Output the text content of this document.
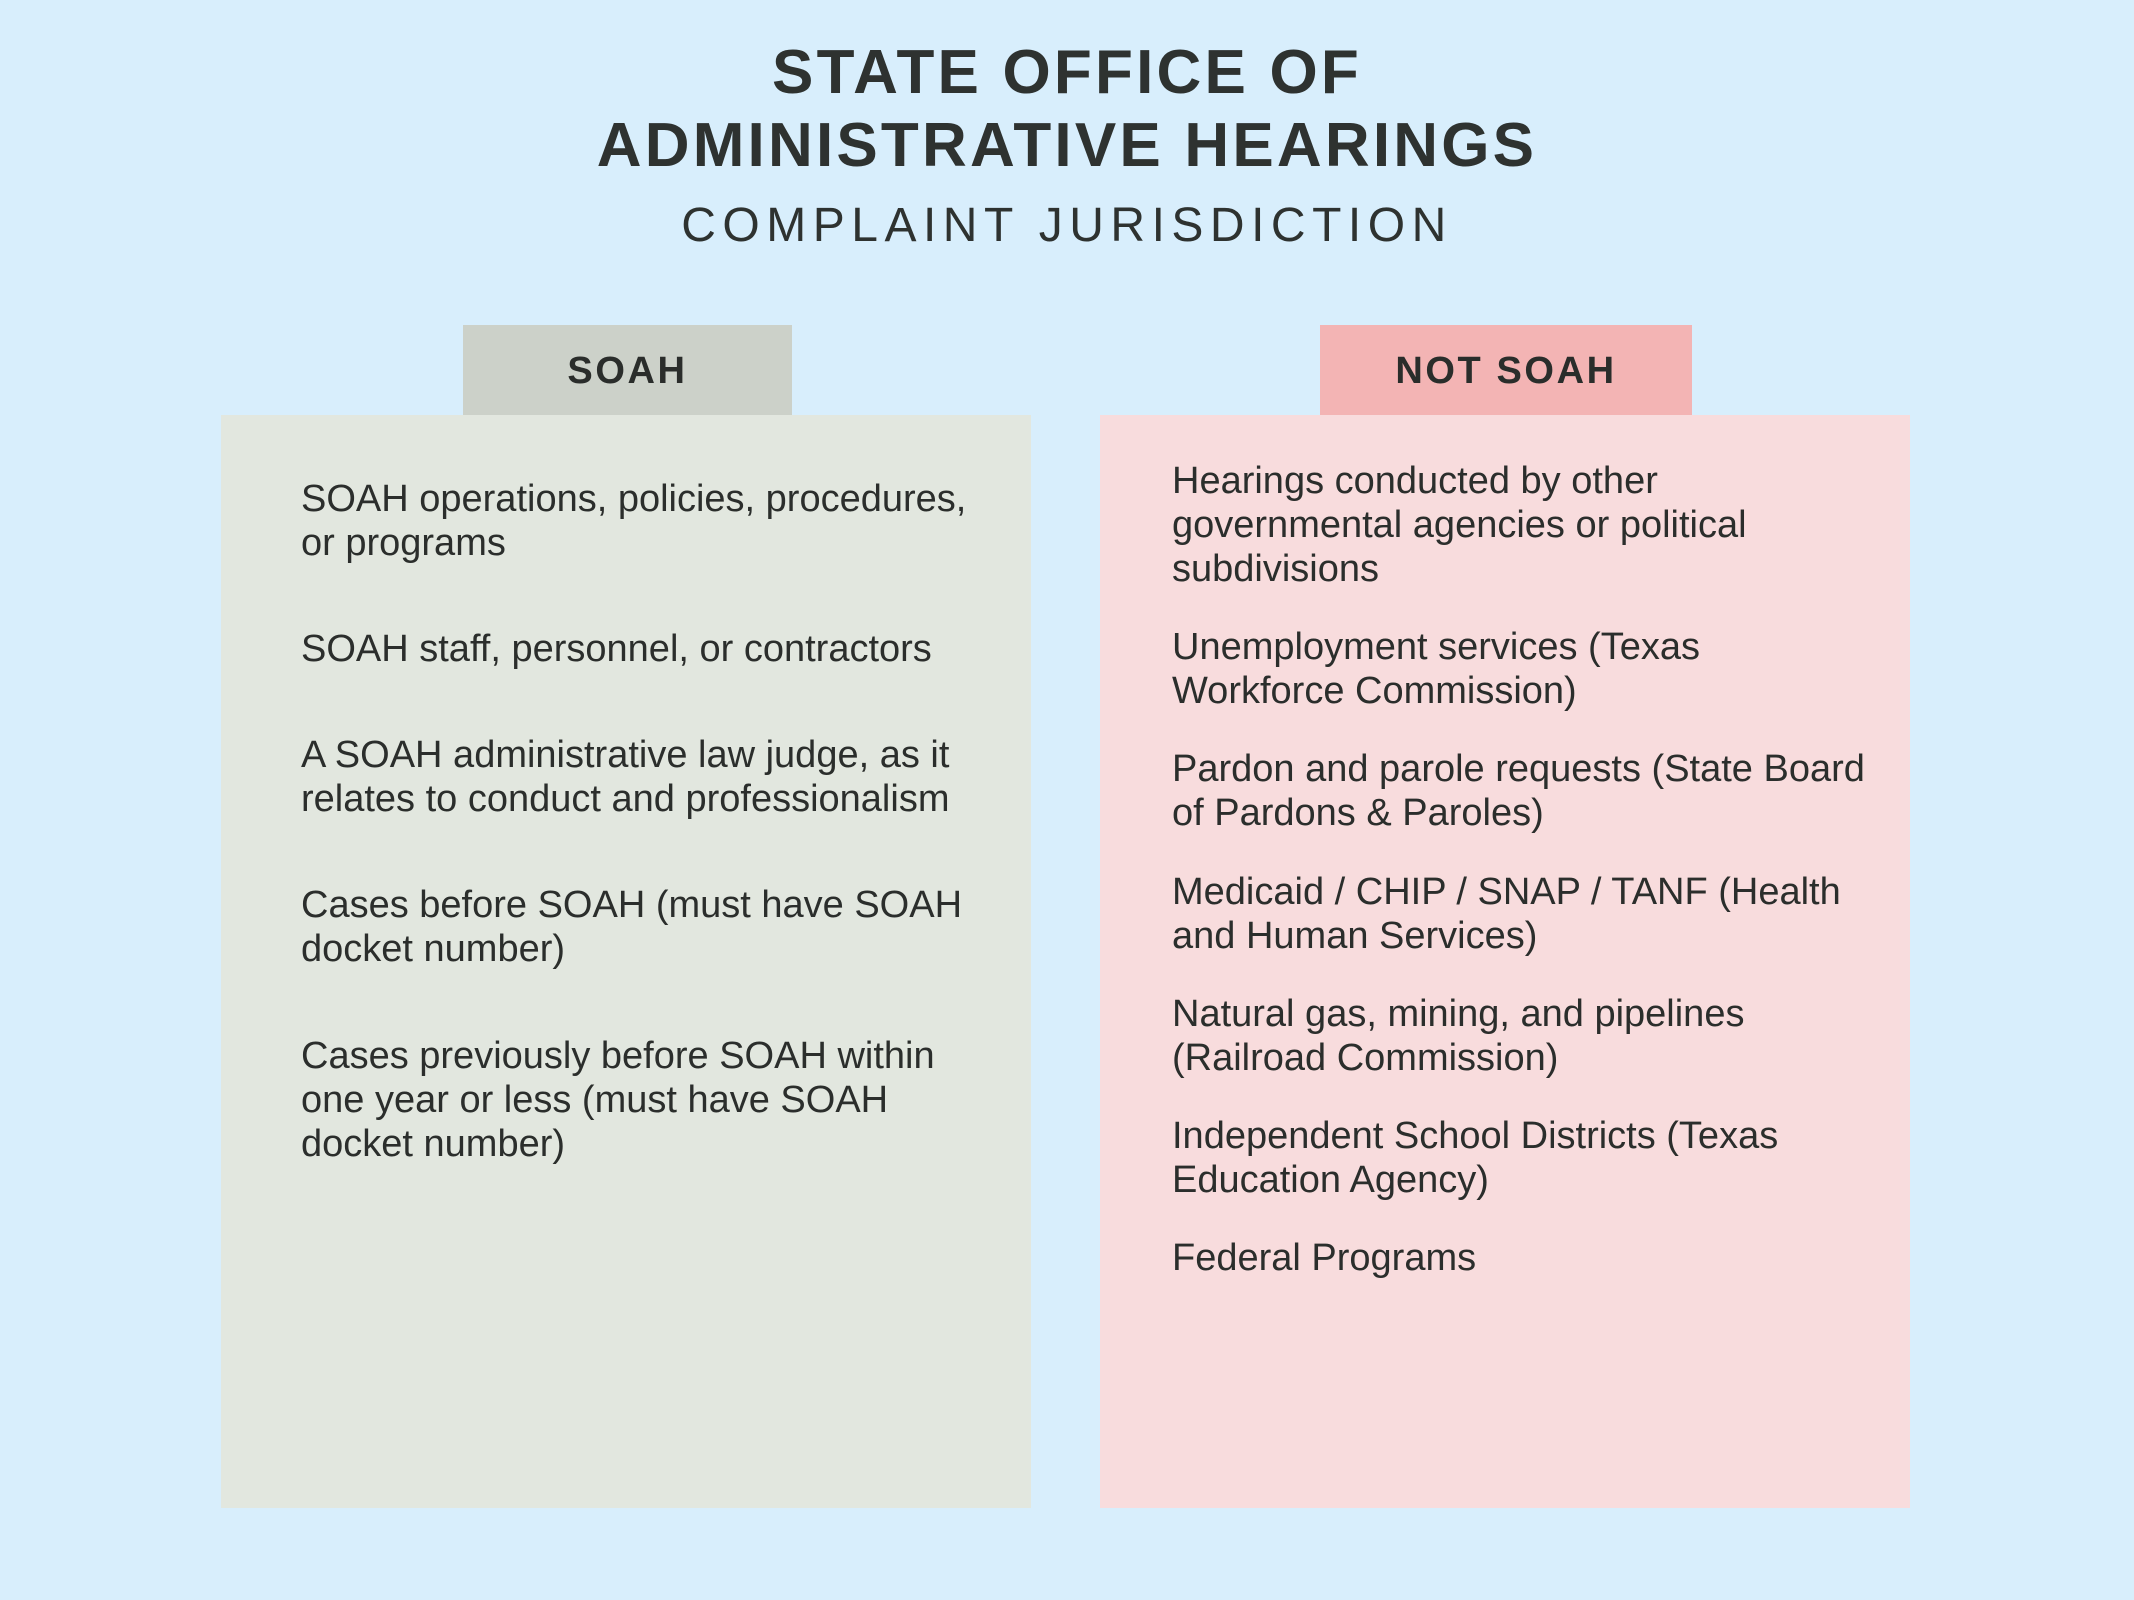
STATE OFFICE OF
ADMINISTRATIVE HEARINGS
COMPLAINT JURISDICTION
SOAH	NOT SOAH
SOAH operations, policies, procedures, or programs
SOAH staff, personnel, or contractors
A SOAH administrative law judge, as it relates to conduct and professionalism
Cases before SOAH (must have SOAH docket number)
Cases previously before SOAH within one year or less (must have SOAH docket number)
Hearings conducted by other governmental agencies or political subdivisions
Unemployment services (Texas Workforce Commission)
Pardon and parole requests (State Board of Pardons & Paroles)
Medicaid / CHIP / SNAP / TANF (Health and Human Services)
Natural gas, mining, and pipelines (Railroad Commission)
Independent School Districts (Texas Education Agency)
Federal Programs
